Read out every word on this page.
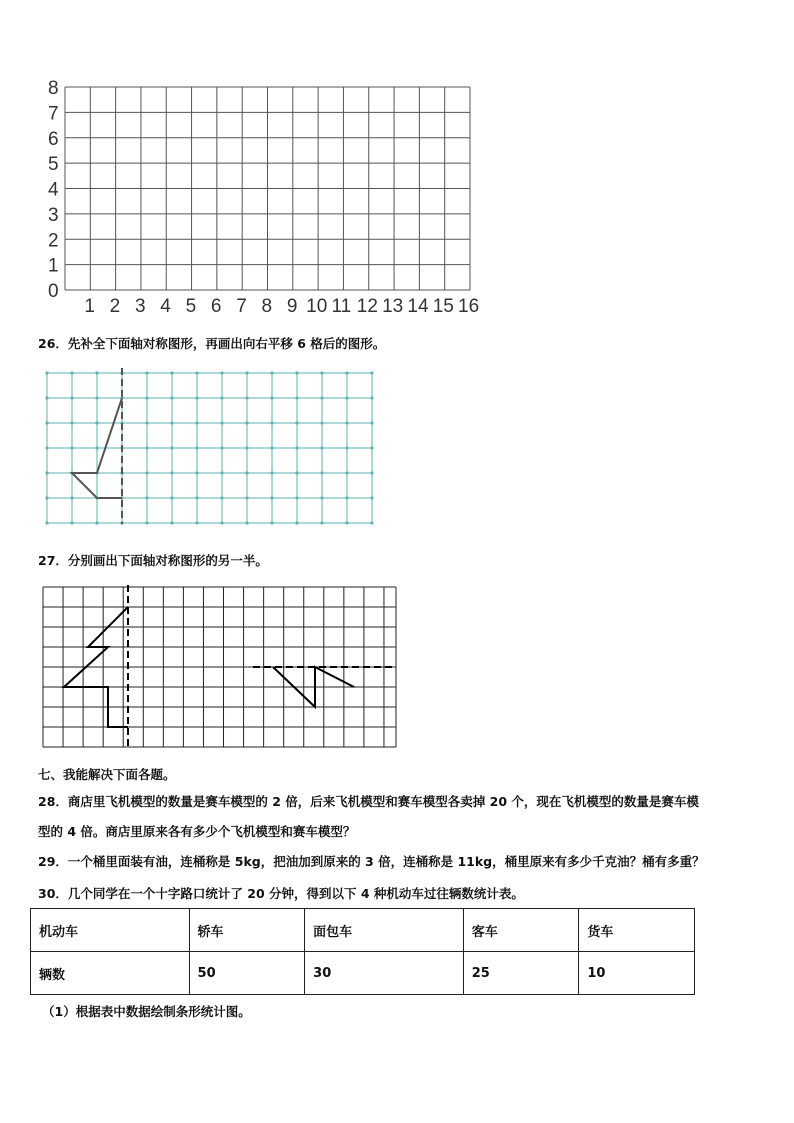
0
1
2
3
4
5
6
7
8
1 2 3 4 5 6 7 8 9 10 11 12 13 14 15 16
26．先补全下面轴对称图形，再画出向右平移 6 格后的图形。
27．分别画出下面轴对称图形的另一半。
七、我能解决下面各题。
28．商店里飞机模型的数量是赛车模型的 2 倍，后来飞机模型和赛车模型各卖掉 20 个，现在飞机模型的数量是赛车模
型的 4 倍。商店里原来各有多少个飞机模型和赛车模型？
29．一个桶里面装有油，连桶称是 5kg，把油加到原来的 3 倍，连桶称是 11kg，桶里原来有多少千克油？桶有多重？
30．几个同学在一个十字路口统计了 20 分钟，得到以下 4 种机动车过往辆数统计表。
机动车	轿车	面包车	客车	货车
辆数	50	30	25	10
（1）根据表中数据绘制条形统计图。
